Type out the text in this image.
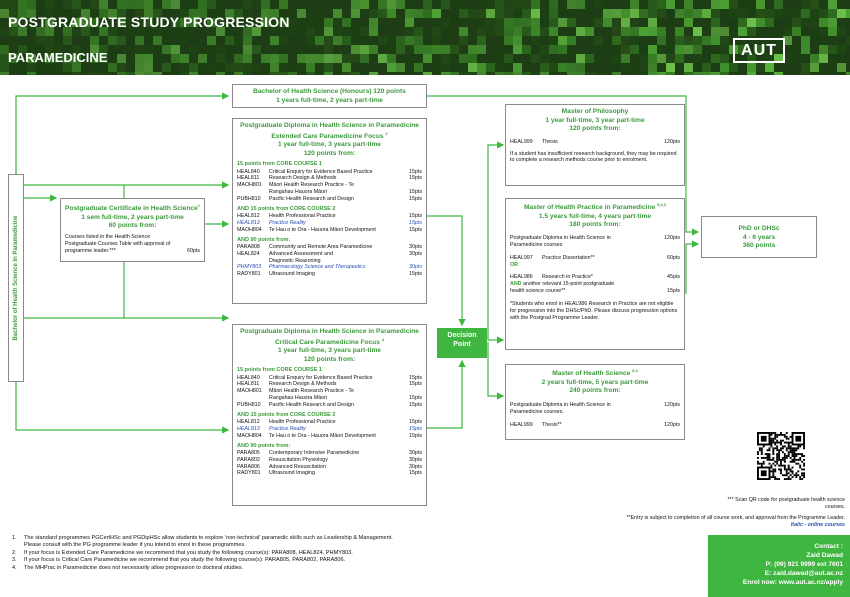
POSTGRADUATE STUDY PROGRESSION
PARAMEDICINE	AUT
Bachelor of Health Science in Paramedicine
Bachelor of Health Science (Honours) 120 points
1 years full-time, 2 years part-time
Postgraduate Certificate in Health Science$^1$
1 sem full-time, 2 years part-time
60 points from:
Courses listed in the Health Science Postgraduate Courses Table with approval of programme leader.***	60pts
Postgraduate Diploma in Health Science in Paramedicine
Extended Care Paramedicine Focus $^2$
1 year full-time, 3 years part-time
120 points from:
15 points from CORE COURSE 1
HEAL840	Critical Enquiry for Evidence Based Practice	15pts
HEAL811	Research Design & Methods	15pts
MAOH801	Māori Health Research Practice - Te
Rangahau Hauora Māori	15pts
PUBH810	Pacific Health Research and Design	15pts
AND 15 points from CORE COURSE 2
HEAL812	Health Professional Practice	15pts
HEAL813	Practice Reality	15pts
MAOH804	Te Hau o te Ora - Hauora Māori Development	15pts
AND 90 points from:
PARA808	Community and Remote Area Paramedicine	30pts
HEAL824	Advanced Assessment and	30pts
Diagnostic Reasoning
PHMY803	Pharmacology Science and Therapeutics	30pts
RADY801	Ultrasound Imaging	15pts
Postgraduate Diploma in Health Science in Paramedicine
Critical Care Paramedicine Focus $^4$
1 year full-time, 3 years part-time
120 points from:
15 points from CORE COURSE 1
HEAL840	Critical Enquiry for Evidence Based Practice	15pts
HEAL811	Research Design & Methods	15pts
MAOH801	Māori Health Research Practice - Te
Rangahau Hauora Māori	15pts
PUBH810	Pacific Health Research and Design	15pts
AND 15 points from CORE COURSE 2
HEAL812	Health Professional Practice	15pts
HEAL813	Practice Reality	15pts
MAOH804	Te Hau o te Ora - Hauora Māori Development	15pts
AND 90 points from:
PARA805	Contemporary Intensive Paramedicine	30pts
PARA802	Resuscitation Physiology	30pts
PARA806	Advanced Resuscitation	30pts
RADY801	Ultrasound Imaging	15pts
Decision
Point
Master of Philosophy
1 year full-time, 3 year part-time
120 points from:
HEAL999	Thesis	120pts
If a student has insufficient research background, they may be required to complete a research methods course prior to enrolment.
Master of Health Practice in Paramedicine $^{5,4,3}$
1.5 years full-time, 4 years part-time
180 points from:
Postgraduate Diploma in Health Science in Paramedicine courses
120pts
HEAL997	Practice Dissertation**	60pts
OR
HEAL986	Research in Practice*	45pts
AND another relevant 15-point postgraduate health science course**	15pts
*Students who enrol in HEAL986 Research in Practice are not eligible for progression into the DHSc/PhD. Please discuss progression options with the Postgrad Programme Leader.
Master of Health Science $^{5,4}$
2 years full-time, 5 years part-time
240 points from:
Postgraduate Diploma in Health Science in Paramedicine courses.
120pts
HEAL999	Thesis**	120pts
PhD or DHSc
4 - 6 years
360 points
*** Scan QR code for postgraduate health science courses.
**Entry is subject to completion of all course work, and approval from the Programme Leader.
Italic - online courses
1.	The standard programmes PGCertHSc and PGDipHSc allow students to explore ‘non-technical’ paramedic skills such as Leadership & Management.
Please consult with the PG programme leader if you intend to enrol in these programmes.
2.	If your focus is Extended Care Paramedicine we recommend that you study the following course(s): PARA808, HEAL824, PHMY803.
3.	If your focus is Critical Care Paramedicine we recommend that you study the following course(s): PARA805, PARA802, PARA806.
4.	The MHPrac in Paramedicine does not necessarily allow progression to doctoral studies.
Contact :
Zaid Dawad
P: (09) 921 9999 ext 7601
E: zaid.dawad@aut.ac.nz
Enrol now: www.aut.ac.nz/apply
